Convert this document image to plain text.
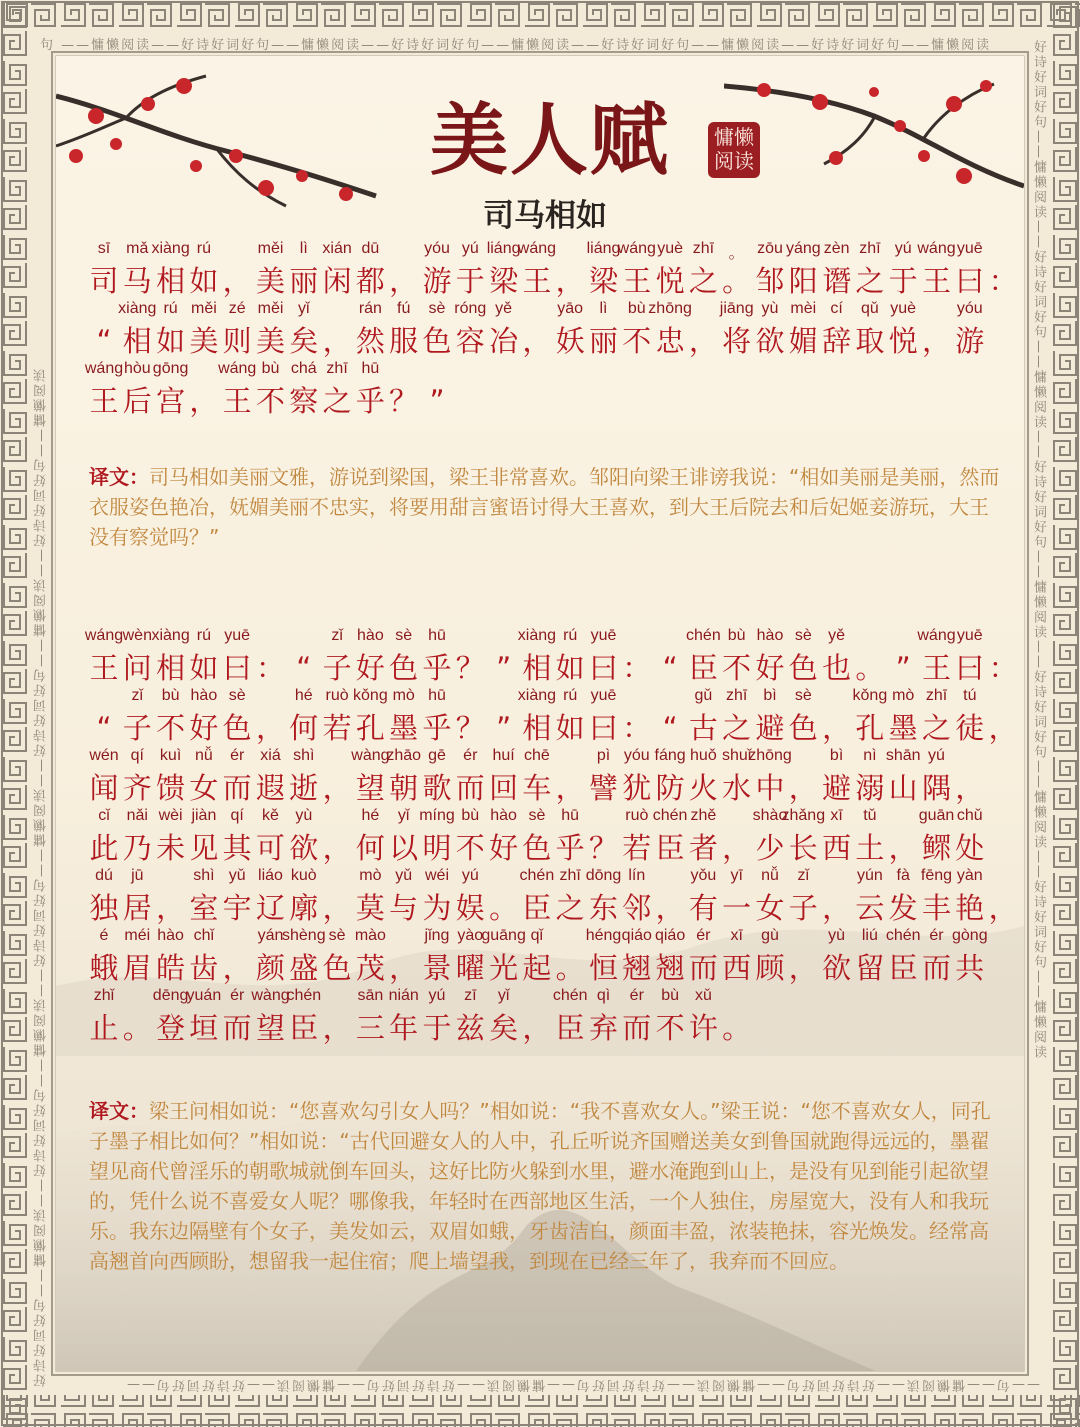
句 ——慵懒阅读——好诗好词好句——慵懒阅读——好诗好词好句——慵懒阅读——好诗好词好句——慵懒阅读——好诗好词好句——慵懒阅读
——句——慵懒阅读——好诗好词好句——慵懒阅读——好诗好词好句——慵懒阅读——好诗好词好句——慵懒阅读——好诗好词好句——
好诗好词好句——慵懒阅读——好诗好词好句——慵懒阅读——好诗好词好句——慵懒阅读——好诗好词好句——慵懒阅读——好诗好词好句——慵懒阅读	好诗好词好句——慵懒阅读——好诗好词好句——慵懒阅读——好诗好词好句——慵懒阅读——好诗好词好句——慵懒阅读——好诗好词好句——慵懒阅读
美人赋	慵懒阅读
司马相如
sī
司
mǎ
马
xiàng
相
rú
如 ，
měi
美
lì
丽
xián
闲
dū
都 ，
yóu
游
yú
于
liáng
梁
wáng
王 ，
liáng
梁
wáng
王
yuè
悦
zhī
之
。
。
zōu
邹
yáng
阳
zèn
谮
zhī
之
yú
于
wáng
王
yuē
曰 ：
“
xiàng
相
rú
如
měi
美
zé
则
měi
美
yǐ
矣 ，
rán
然
fú
服
sè
色
róng
容
yě
冶 ，
yāo
妖
lì
丽
bù
不
zhōng
忠 ，
jiāng
将
yù
欲
mèi
媚
cí
辞
qǔ
取
yuè
悦 ，
yóu
游
wáng
王
hòu
后
gōng
宫 ，
wáng
王
bù
不
chá
察
zhī
之
hū
乎 ？ ”
译文：司马相如美丽文雅，游说到梁国，梁王非常喜欢。邹阳向梁王诽谤我说：“相如美丽是美丽，然而衣服姿色艳冶，妩媚美丽不忠实，将要用甜言蜜语讨得大王喜欢，到大王后院去和后妃姬妾游玩，大王没有察觉吗？”
wáng
王
wèn
问
xiàng
相
rú
如
yuē
曰 ： “
zǐ
子
hào
好
sè
色
hū
乎 ？ ”
xiàng
相
rú
如
yuē
曰 ： “
chén
臣
bù
不
hào
好
sè
色
yě
也 。 ”
wáng
王
yuē
曰 ：
“
zǐ
子
bù
不
hào
好
sè
色 ，
hé
何
ruò
若
kǒng
孔
mò
墨
hū
乎 ？ ”
xiàng
相
rú
如
yuē
曰 ： “
gǔ
古
zhī
之
bì
避
sè
色 ，
kǒng
孔
mò
墨
zhī
之
tú
徒 ，
wén
闻
qí
齐
kuì
馈
nǚ
女
ér
而
xiá
遐
shì
逝 ，
wàng
望
zhāo
朝
gē
歌
ér
而
huí
回
chē
车 ，
pì
譬
yóu
犹
fáng
防
huǒ
火
shuǐ
水
zhōng
中 ，
bì
避
nì
溺
shān
山
yú
隅 ，
cǐ
此
nǎi
乃
wèi
未
jiàn
见
qí
其
kě
可
yù
欲 ，
hé
何
yǐ
以
míng
明
bù
不
hào
好
sè
色
hū
乎 ？
ruò
若
chén
臣
zhě
者 ，
shào
少
zhǎng
长
xī
西
tǔ
土 ，
guān
鳏
chǔ
处
dú
独
jū
居 ，
shì
室
yǔ
宇
liáo
辽
kuò
廓 ，
mò
莫
yǔ
与
wéi
为
yú
娱 。
chén
臣
zhī
之
dōng
东
lín
邻 ，
yǒu
有
yī
一
nǚ
女
zǐ
子 ，
yún
云
fà
发
fēng
丰
yàn
艳 ，
é
蛾
méi
眉
hào
皓
chǐ
齿 ，
yán
颜
shèng
盛
sè
色
mào
茂 ，
jǐng
景
yào
曜
guāng
光
qǐ
起 。
héng
恒
qiáo
翘
qiáo
翘
ér
而
xī
西
gù
顾 ，
yù
欲
liú
留
chén
臣
ér
而
gòng
共
zhǐ
止 。
dēng
登
yuán
垣
ér
而
wàng
望
chén
臣 ，
sān
三
nián
年
yú
于
zī
兹
yǐ
矣 ，
chén
臣
qì
弃
ér
而
bù
不
xǔ
许 。
译文：梁王问相如说：“您喜欢勾引女人吗？”相如说：“我不喜欢女人。”梁王说：“您不喜欢女人，同孔子墨子相比如何？”相如说：“古代回避女人的人中，孔丘听说齐国赠送美女到鲁国就跑得远远的，墨翟望见商代曾淫乐的朝歌城就倒车回头，这好比防火躲到水里，避水淹跑到山上，是没有见到能引起欲望的，凭什么说不喜爱女人呢？哪像我，年轻时在西部地区生活，一个人独住，房屋宽大，没有人和我玩乐。我东边隔壁有个女子，美发如云，双眉如蛾，牙齿洁白，颜面丰盈，浓装艳抹，容光焕发。经常高高翘首向西顾盼，想留我一起住宿；爬上墙望我，到现在已经三年了，我弃而不回应。
